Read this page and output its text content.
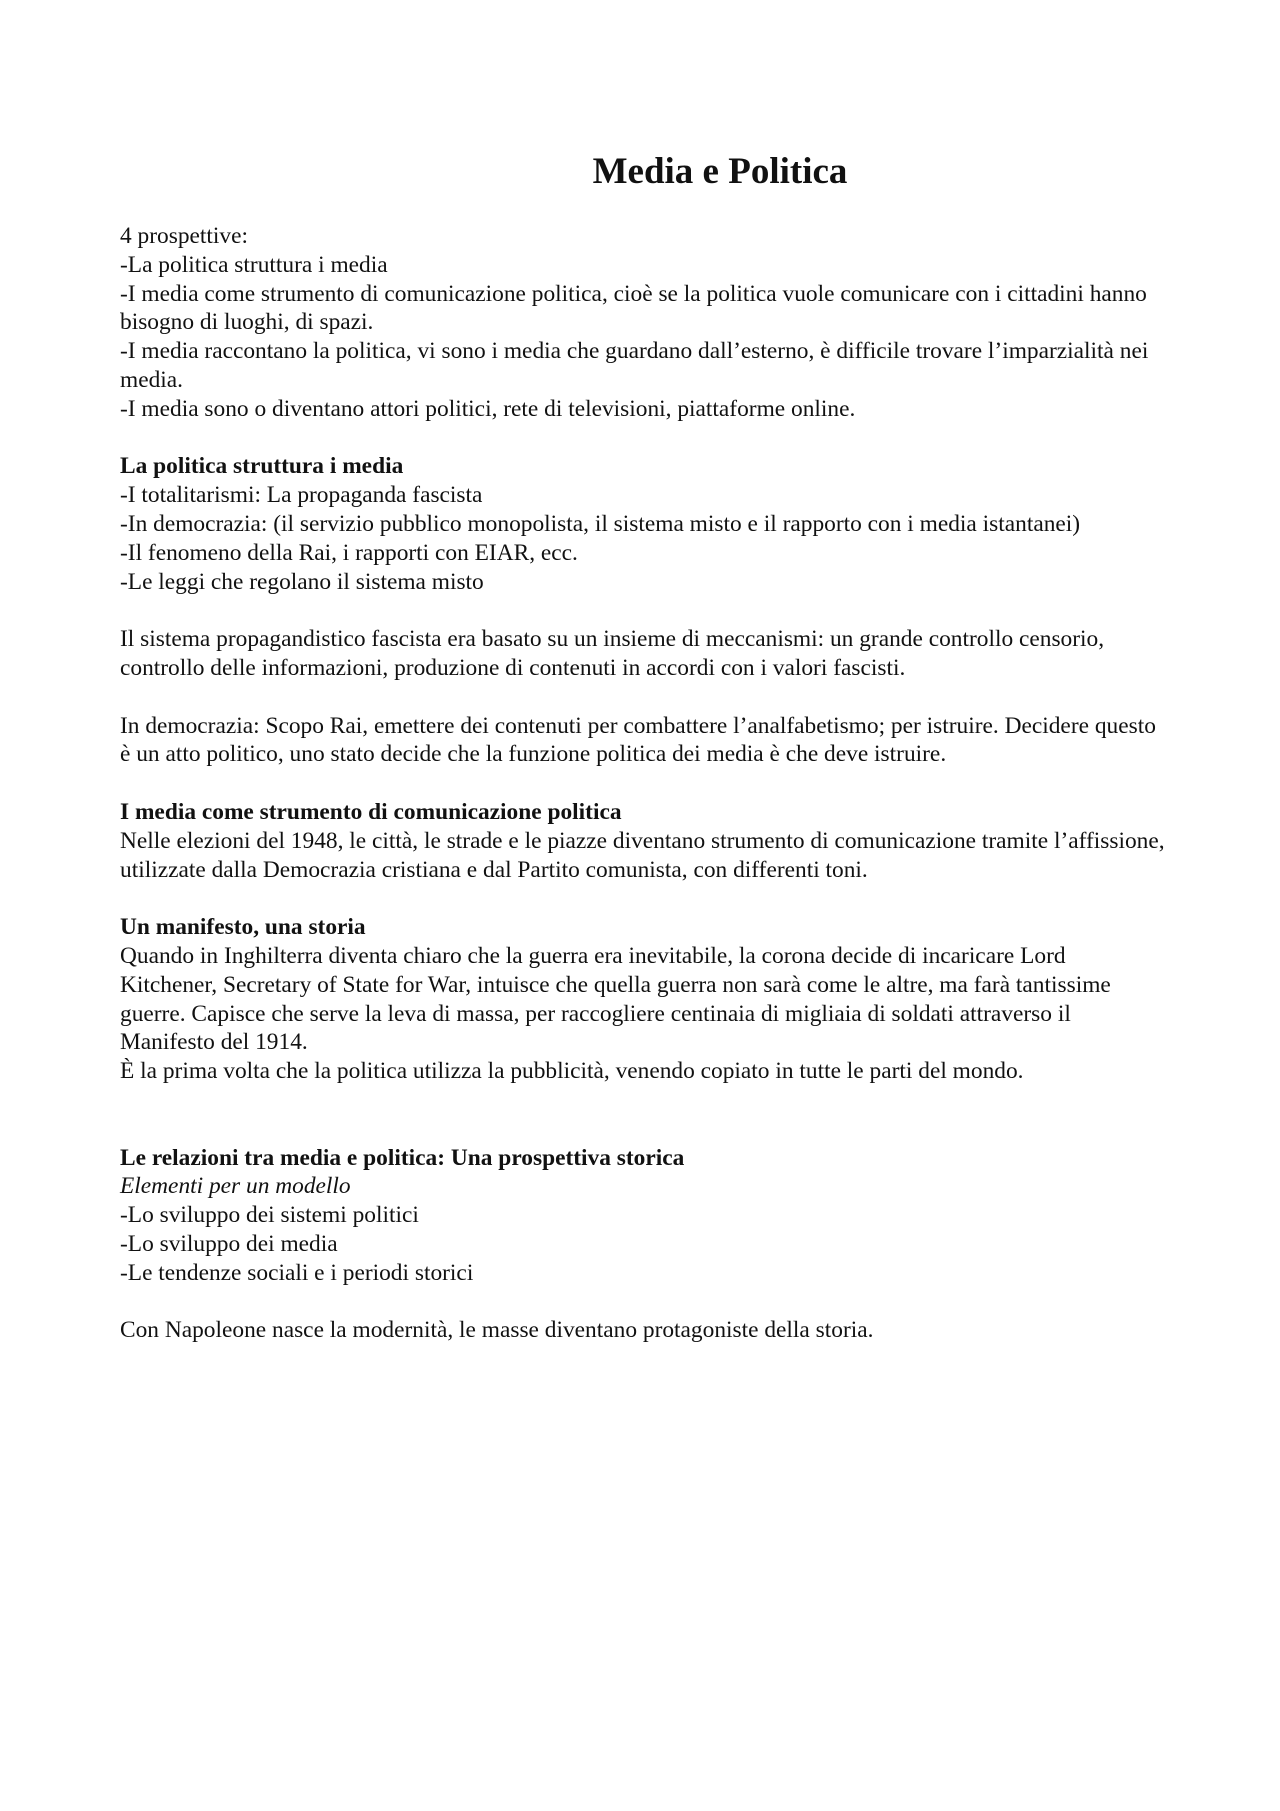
Media e Politica

4 prospettive:

-La politica struttura i media

-I media come strumento di comunicazione politica, cioè se la politica vuole comunicare con i cittadini hanno bisogno di luoghi, di spazi.

-I media raccontano la politica, vi sono i media che guardano dall’esterno, è difficile trovare l’imparzialità nei media.

-I media sono o diventano attori politici, rete di televisioni, piattaforme online.

La politica struttura i media

-I totalitarismi: La propaganda fascista

-In democrazia: (il servizio pubblico monopolista, il sistema misto e il rapporto con i media istantanei)

-Il fenomeno della Rai, i rapporti con EIAR, ecc.

-Le leggi che regolano il sistema misto

Il sistema propagandistico fascista era basato su un insieme di meccanismi: un grande controllo censorio, controllo delle informazioni, produzione di contenuti in accordi con i valori fascisti.

In democrazia: Scopo Rai, emettere dei contenuti per combattere l’analfabetismo; per istruire. Decidere questo è un atto politico, uno stato decide che la funzione politica dei media è che deve istruire.

I media come strumento di comunicazione politica

Nelle elezioni del 1948, le città, le strade e le piazze diventano strumento di comunicazione tramite l’affissione, utilizzate dalla Democrazia cristiana e dal Partito comunista, con differenti toni.

Un manifesto, una storia

Quando in Inghilterra diventa chiaro che la guerra era inevitabile, la corona decide di incaricare Lord Kitchener, Secretary of State for War, intuisce che quella guerra non sarà come le altre, ma farà tantissime guerre. Capisce che serve la leva di massa, per raccogliere centinaia di migliaia di soldati attraverso il Manifesto del 1914.

È la prima volta che la politica utilizza la pubblicità, venendo copiato in tutte le parti del mondo.

Le relazioni tra media e politica: Una prospettiva storica

Elementi per un modello

-Lo sviluppo dei sistemi politici

-Lo sviluppo dei media

-Le tendenze sociali e i periodi storici

Con Napoleone nasce la modernità, le masse diventano protagoniste della storia.
